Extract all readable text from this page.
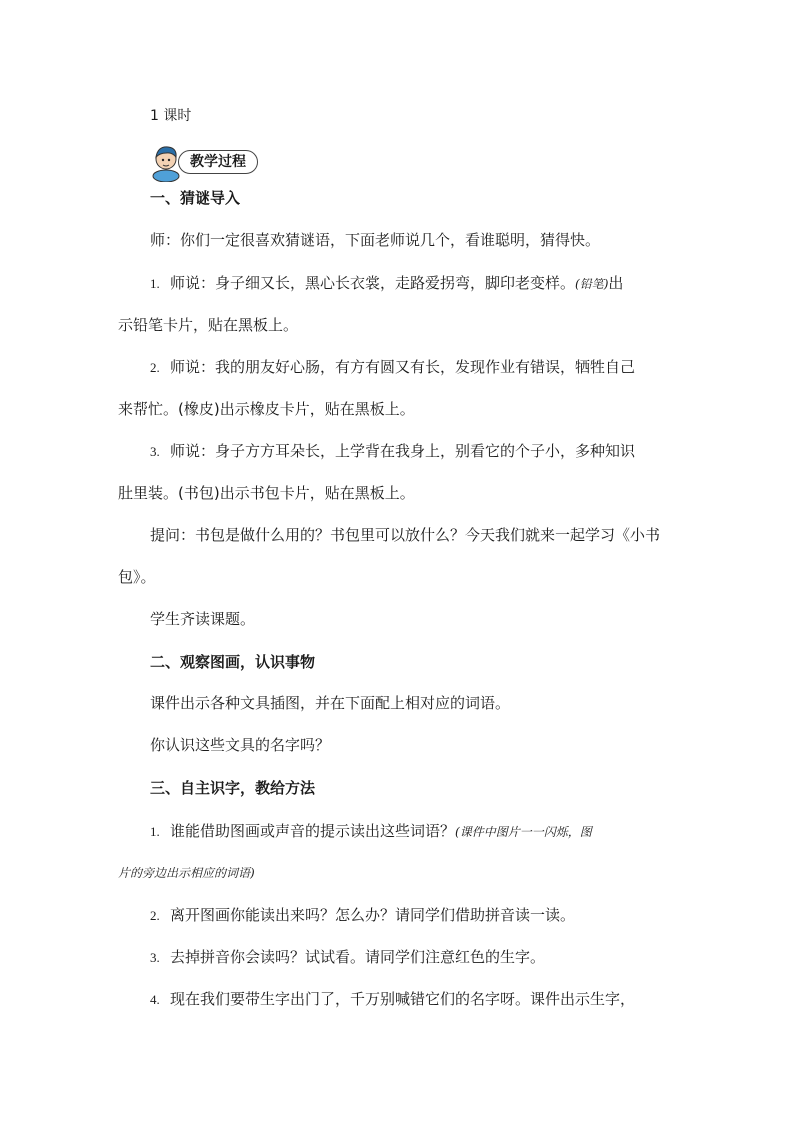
1 课时
教学过程
一、猜谜导入
师：你们一定很喜欢猜谜语，下面老师说几个，看谁聪明，猜得快。
1. 师说：身子细又长，黑心长衣裳，走路爱拐弯，脚印老变样。(铅笔)出
示铅笔卡片，贴在黑板上。
2. 师说：我的朋友好心肠，有方有圆又有长，发现作业有错误，牺牲自己
来帮忙。(橡皮)出示橡皮卡片，贴在黑板上。
3. 师说：身子方方耳朵长，上学背在我身上，别看它的个子小，多种知识
肚里装。(书包)出示书包卡片，贴在黑板上。
提问：书包是做什么用的？书包里可以放什么？今天我们就来一起学习《小书
包》。
学生齐读课题。
二、观察图画，认识事物
课件出示各种文具插图，并在下面配上相对应的词语。
你认识这些文具的名字吗？
三、自主识字，教给方法
1. 谁能借助图画或声音的提示读出这些词语？(课件中图片一一闪烁，图
片的旁边出示相应的词语)
2. 离开图画你能读出来吗？怎么办？请同学们借助拼音读一读。
3. 去掉拼音你会读吗？试试看。请同学们注意红色的生字。
4. 现在我们要带生字出门了，千万别喊错它们的名字呀。课件出示生字，
